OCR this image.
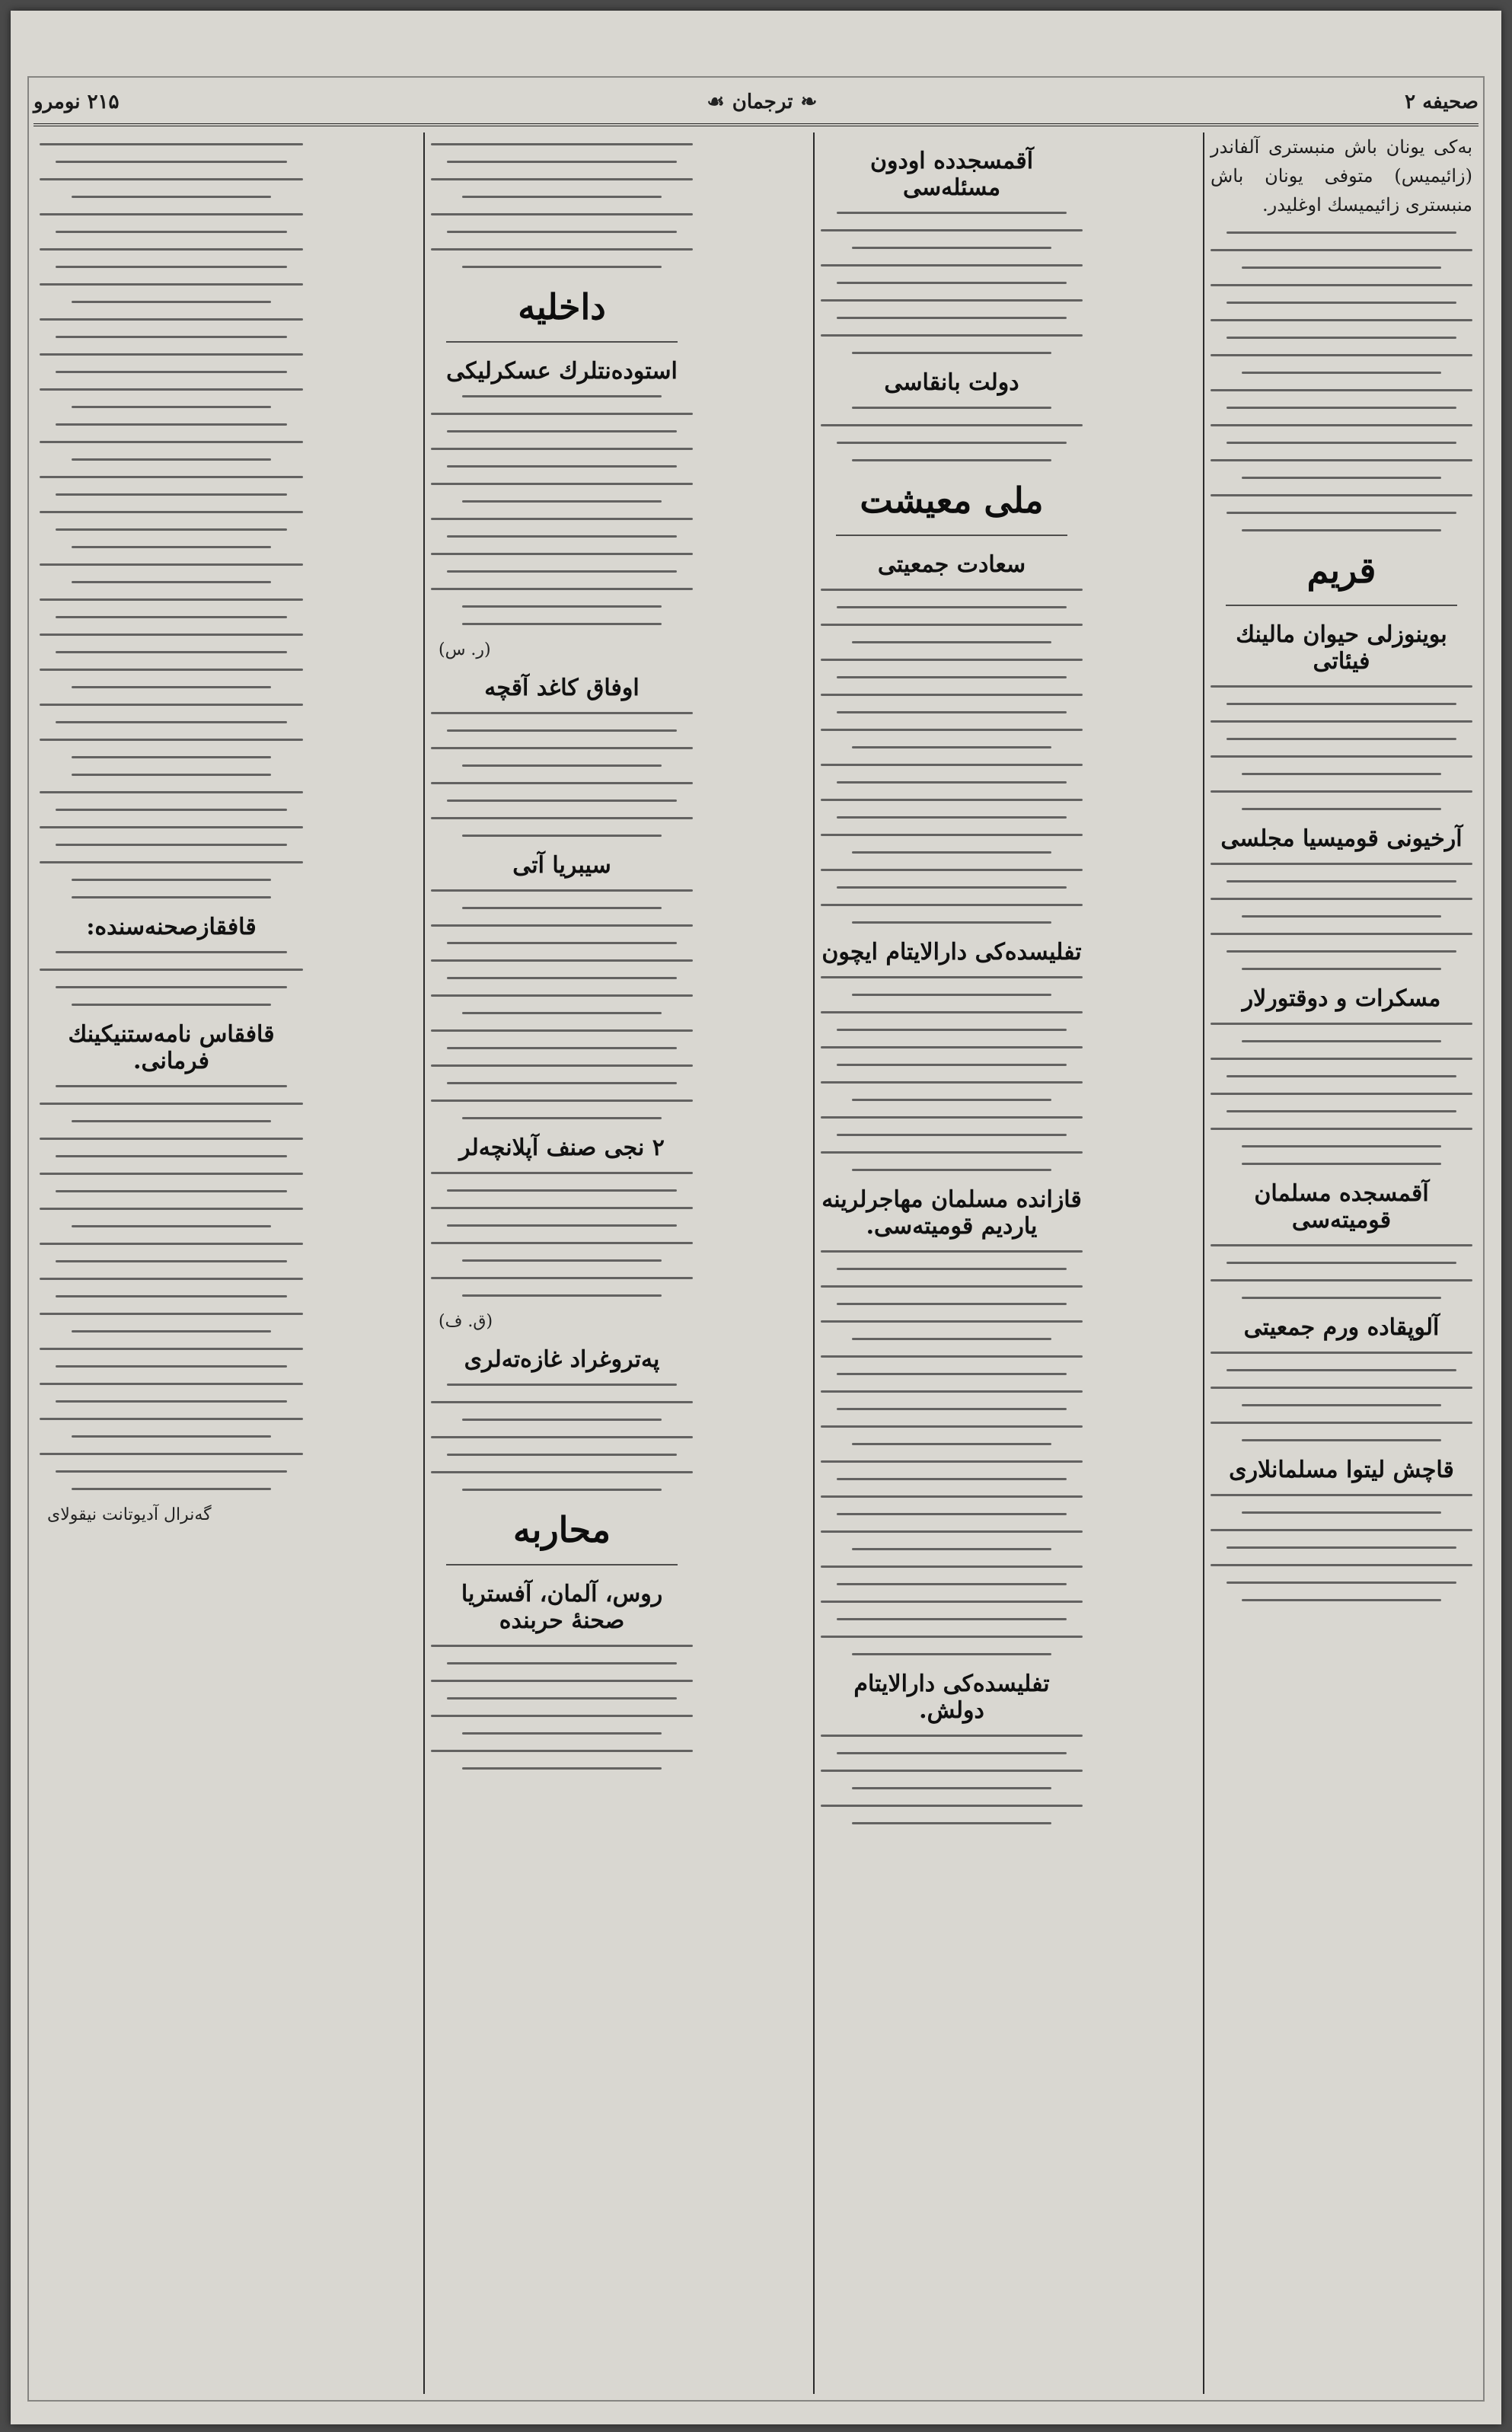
صحیفه ۲
❧
ترجمان
☙
۲۱۵ نومرو

بەكی یونان باش منبستری آلفاندر (زائیمیس) متوفی یونان باش منبستری زائیمیسك اوغلیدر.

قریم
بوینوزلی حیوان مالینك فیئاتی
آرخیونی قومیسیا مجلسی
مسكرات و دوقتورلار
آقمسجده مسلمان قومیته‌سی
آلوپقاده ورم جمعیتی
قاچش لیتوا مسلمانلاری
آقمسجدده اودون مسئله‌سی
دولت بانقاسی
ملی معیشت
سعادت جمعیتی
تفلیسده‌كی دارالایتام ایچون
قازانده مسلمان مهاجرلرینه یاردیم قومیته‌سی.
تفلیسده‌كی دارالایتام دولش.
داخلیه
استوده‌نتلرك عسكرلیكی
(ر. س)
اوفاق كاغد آقچه
سیبریا آتی
۲ نجی صنف آپلانچه‌لر
(ق. ف)
پەتروغراد غازەتەلری
محاربه
روس، آلمان، آفستریا صحنهٔ حربنده
قافقازصحنه‌سنده:
قافقاس نامه‌ستنیكینك فرمانی.
گەنرال آدیوتانت نیقولای
